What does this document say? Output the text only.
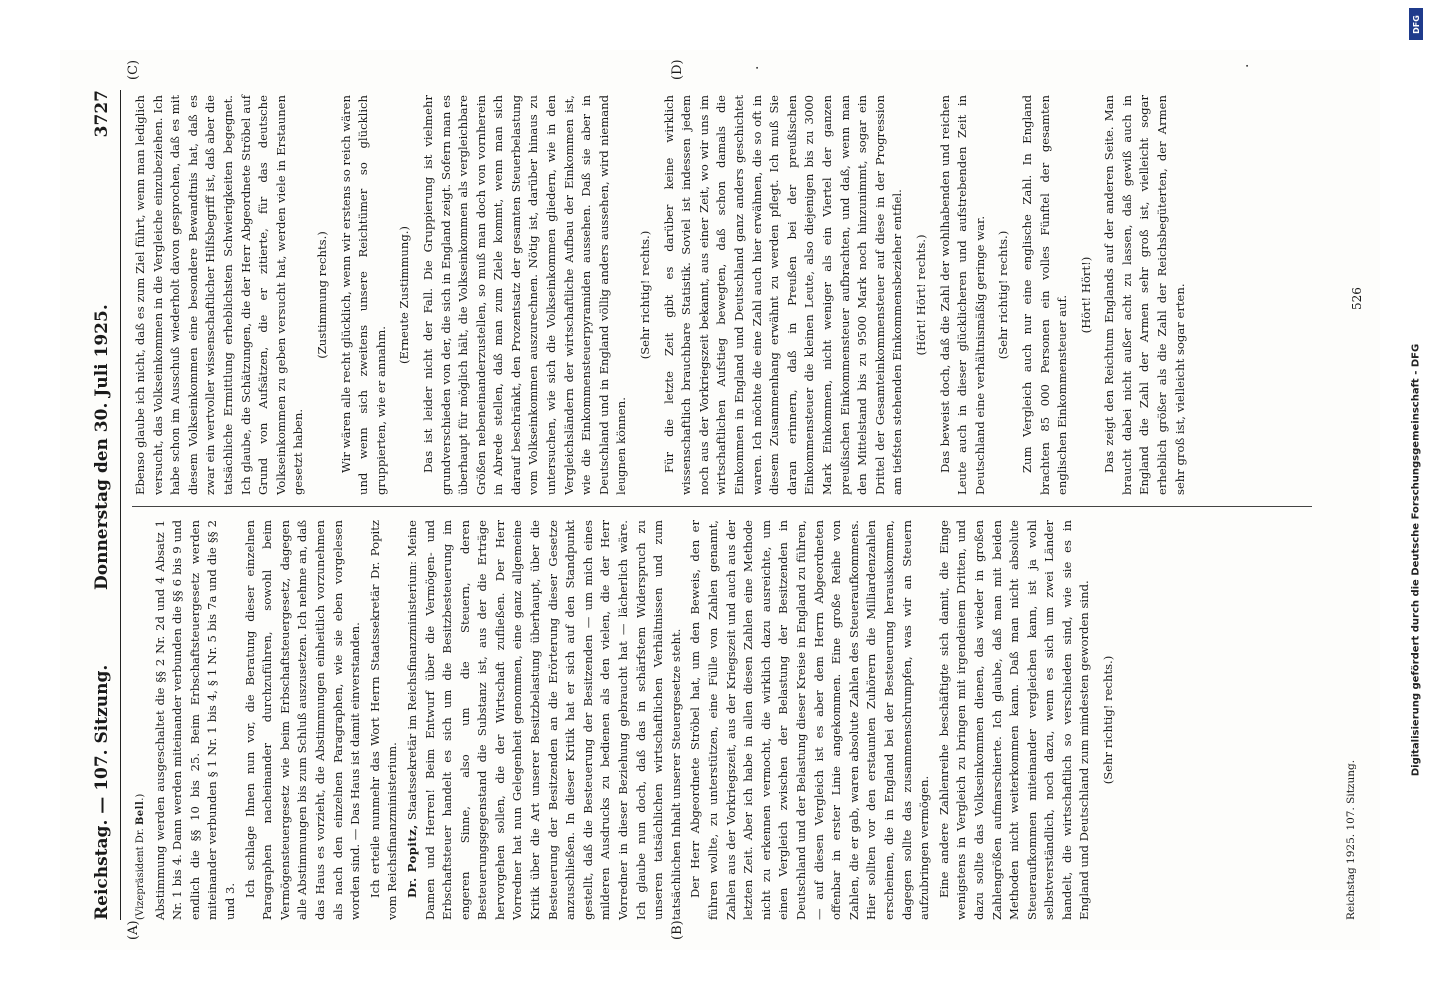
Reichstag. — 107. Sitzung.
Donnerstag den 30. Juli 1925.
3727
(A)	(B)
(C)	(D)

(Vizepräsident Dr. Bell.) Abstimmung werden ausgeschaltet die §§ 2 Nr. 2d und 4 Absatz 1 Nr. 1 bis 4. Dann werden miteinander verbunden die §§ 6 bis 9 und endlich die §§ 10 bis 25. Beim Erbschaftsteuergesetz werden miteinander verbunden § 1 Nr. 1 bis 4, § 1 Nr. 5 bis 7a und die §§ 2 und 3.

Ich schlage Ihnen nun vor, die Beratung dieser einzelnen Paragraphen nacheinander durchzuführen, sowohl beim Vermögensteuergesetz wie beim Erbschaftsteuergesetz, dagegen alle Abstimmungen bis zum Schluß auszusetzen. Ich nehme an, daß das Haus es vorzieht, die Abstimmungen einheitlich vorzunehmen als nach den einzelnen Paragraphen, wie sie eben vorgelesen worden sind. — Das Haus ist damit einverstanden. Ich erteile nunmehr das Wort Herrn Staatssekretär Dr. Popitz vom Reichsfinanzministerium. Dr. Popitz, Staatssekretär im Reichsfinanzministerium: Meine Damen und Herren! Beim Entwurf über die Vermögen- und Erbschaftsteuer handelt es sich um die Besitzbesteuerung im engeren Sinne, also um die Steuern, deren Besteuerungsgegenstand die Substanz ist, aus der die Erträge hervorgehen sollen, die der Wirtschaft zufließen. Der Herr Vorredner hat nun Gelegenheit genommen, eine ganz allgemeine Kritik über die Art unserer Besitzbelastung überhaupt, über die Besteuerung der Besitzenden an die Erörterung dieser Gesetze anzuschließen. In dieser Kritik hat er sich auf den Standpunkt gestellt, daß die Besteuerung der Besitzenden — um mich eines milderen Ausdrucks zu bedienen als den vielen, die der Herr Vorredner in dieser Beziehung gebraucht hat — lächerlich wäre. Ich glaube nun doch, daß das in schärfstem Widerspruch zu unseren tatsächlichen wirtschaftlichen Verhältnissen und zum tatsächlichen Inhalt unserer Steuergesetze steht. Der Herr Abgeordnete Ströbel hat, um den Beweis, den er führen wollte, zu unterstützen, eine Fülle von Zahlen genannt, Zahlen aus der Vorkriegszeit, aus der Kriegszeit und auch aus der letzten Zeit. Aber ich habe in allen diesen Zahlen eine Methode nicht zu erkennen vermocht, die wirklich dazu ausreichte, um einen Vergleich zwischen der Belastung der Besitzenden in Deutschland und der Belastung dieser Kreise in England zu führen, — auf diesen Vergleich ist es aber dem Herrn Abgeordneten offenbar in erster Linie angekommen. Eine große Reihe von Zahlen, die er gab, waren absolute Zahlen des Steueraufkommens. Hier sollten vor den erstaunten Zuhörern die Milliardenzahlen erscheinen, die in England bei der Besteuerung herauskommen, dagegen sollte das zusammenschrumpfen, was wir an Steuern aufzubringen vermögen. Eine andere Zahlenreihe beschäftigte sich damit, die Einge wenigstens in Vergleich zu bringen mit irgendeinem Dritten, und dazu sollte das Volkseinkommen dienen, das wieder in großen Zahlengrößen aufmarschierte. Ich glaube, daß man mit beiden Methoden nicht weiterkommen kann. Daß man nicht absolute Steueraufkommen miteinander vergleichen kann, ist ja wohl selbstverständlich, noch dazu, wenn es sich um zwei Länder handelt, die wirtschaftlich so verschieden sind, wie sie es in England und Deutschland zum mindesten geworden sind. (Sehr richtig! rechts.)

Ebenso glaube ich nicht, daß es zum Ziel führt, wenn man lediglich versucht, das Volkseinkommen in die Vergleiche einzubeziehen. Ich habe schon im Ausschuß wiederholt davon gesprochen, daß es mit diesem Volkseinkommen eine besondere Bewandtnis hat, daß es zwar ein wertvoller wissenschaftlicher Hilfsbegriff ist, daß aber die tatsächliche Ermittlung erheblichsten Schwierigkeiten begegnet. Ich glaube, die Schätzungen, die der Herr Abgeordnete Ströbel auf Grund von Aufsätzen, die er zitierte, für das deutsche Volkseinkommen zu geben versucht hat, werden viele in Erstaunen gesetzt haben.

(Zustimmung rechts.) Wir wären alle recht glücklich, wenn wir erstens so reich wären und wenn sich zweitens unsere Reichtümer so glücklich gruppierten, wie er annahm.

(Erneute Zustimmung.) Das ist leider nicht der Fall. Die Gruppierung ist vielmehr grundverschieden von der, die sich in England zeigt. Sofern man es überhaupt für möglich hält, die Volkseinkommen als vergleichbare Größen nebeneinanderzustellen, so muß man doch von vornherein in Abrede stellen, daß man zum Ziele kommt, wenn man sich darauf beschränkt, den Prozentsatz der gesamten Steuerbelastung vom Volkseinkommen auszurechnen. Nötig ist, darüber hinaus zu untersuchen, wie sich die Volkseinkommen gliedern, wie in den Vergleichsländern der wirtschaftliche Aufbau der Einkommen ist, wie die Einkommensteuerpyramiden aussehen. Daß sie aber in Deutschland und in England völlig anders aussehen, wird niemand leugnen können.

(Sehr richtig! rechts.) Für die letzte Zeit gibt es darüber keine wirklich wissenschaftlich brauchbare Statistik. Soviel ist indessen jedem noch aus der Vorkriegszeit bekannt, aus einer Zeit, wo wir uns im wirtschaftlichen Aufstieg bewegten, daß schon damals die Einkommen in England und Deutschland ganz anders geschichtet waren. Ich möchte die eine Zahl auch hier erwähnen, die so oft in diesem Zusammenhang erwähnt zu werden pflegt. Ich muß Sie daran erinnern, daß in Preußen bei der preußischen Einkommensteuer die kleinen Leute, also diejenigen bis zu 3000 Mark Einkommen, nicht weniger als ein Viertel der ganzen preußischen Einkommensteuer aufbrachten, und daß, wenn man den Mittelstand bis zu 9500 Mark noch hinzunimmt, sogar ein Drittel der Gesamteinkommensteuer auf diese in der Progression am tiefsten stehenden Einkommensbezieher entfiel. (Hört! Hört! rechts.) Das beweist doch, daß die Zahl der wohlhabenden und reichen Leute auch in dieser glücklicheren und aufstrebenden Zeit in Deutschland eine verhältnismäßig geringe war. (Sehr richtig! rechts.) Zum Vergleich auch nur eine englische Zahl. In England brachten 85 000 Personen ein volles Fünftel der gesamten englischen Einkommensteuer auf. (Hört! Hört!) Das zeigt den Reichtum Englands auf der anderen Seite. Man braucht dabei nicht außer acht zu lassen, daß gewiß auch in England die Zahl der Armen sehr groß ist, vielleicht sogar erheblich größer als die Zahl der Reichsbegüterten, der Armen sehr groß ist, vielleicht sogar erten.

·	·
Reichstag 1925. 107. Sitzung.
526
DFG
Digitalisierung gefördert durch die Deutsche Forschungsgemeinschaft - DFG
